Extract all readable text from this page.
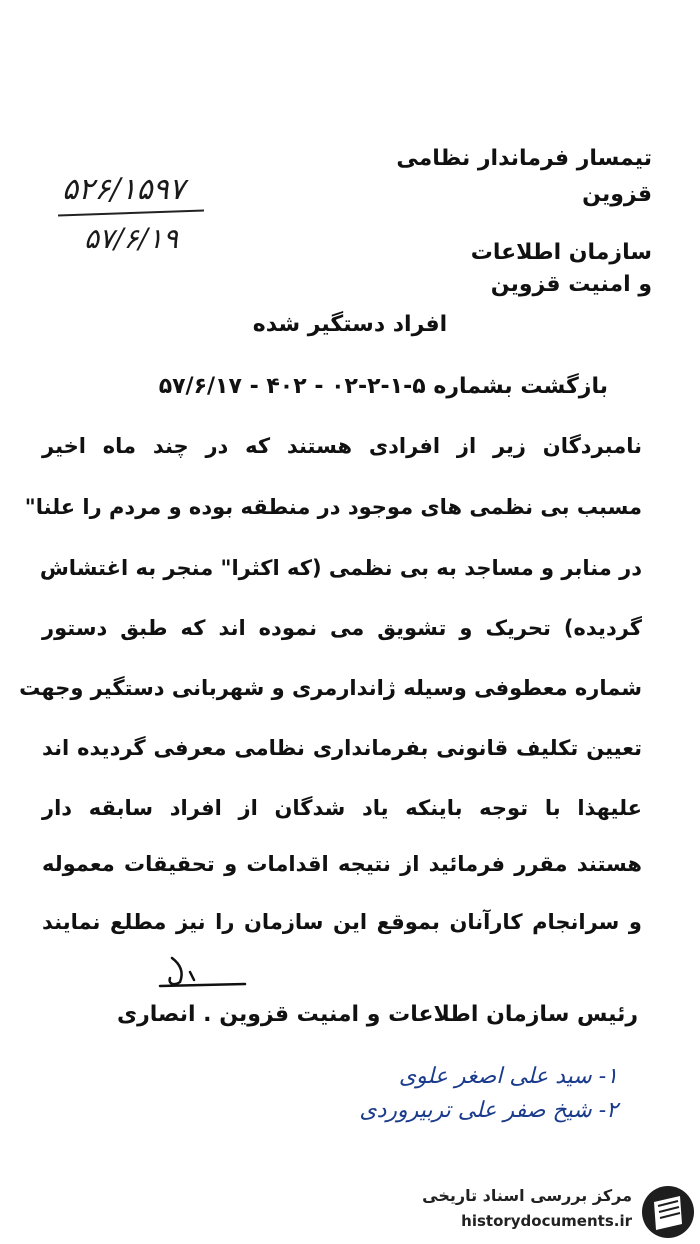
تیمسار فرماندار نظامی
قزوین
۵۲۶/۱۵۹۷
۵۷/۶/۱۹	سازمان اطلاعات
و امنیت قزوین
افراد دستگیر شده
بازگشت بشماره ۵-۱-۲-۰۲ - ۴۰۲ - ۵۷/۶/۱۷
نامبردگان زیر از افرادی هستند که در چند ماه اخیر
مسبب بی نظمی های موجود در منطقه بوده و مردم را علنا"
در منابر و مساجد به بی نظمی (که اکثرا" منجر به اغتشاش
گردیده) تحریک و تشویق می نموده اند که طبق دستور
شماره معطوفی وسیله ژاندارمری و شهربانی دستگیر وجهت
تعیین تکلیف قانونی بفرمانداری نظامی معرفی گردیده اند
علیهذا با توجه باینکه یاد شدگان از افراد سابقه دار
هستند مقرر فرمائید از نتیجه اقدامات و تحقیقات معموله
و سرانجام کارآنان بموقع این سازمان را نیز مطلع نمایند
رئیس سازمان اطلاعات و امنیت قزوین . انصاری
۱- سید علی اصغر علوی
۲- شیخ صفر علی تربیروردی
مرکز بررسی اسناد تاریخی
historydocuments.ir
